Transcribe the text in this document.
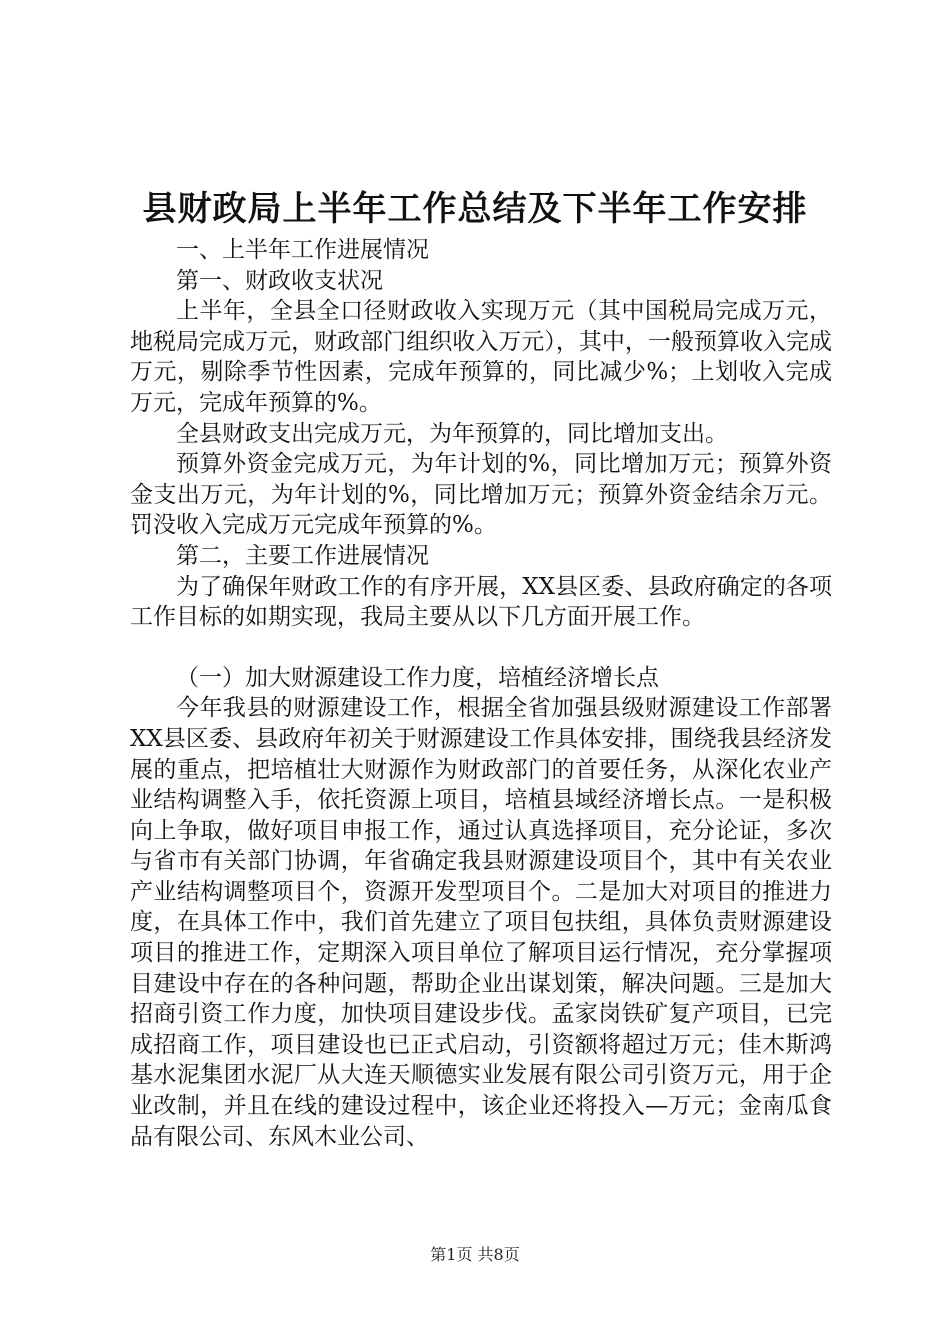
县财政局上半年工作总结及下半年工作安排

一、上半年工作进展情况

第一、财政收支状况

上半年，全县全口径财政收入实现万元（其中国税局完成万元，地税局完成万元，财政部门组织收入万元），其中，一般预算收入完成万元，剔除季节性因素，完成年预算的，同比减少%；上划收入完成万元，完成年预算的%。

全县财政支出完成万元，为年预算的，同比增加支出。

预算外资金完成万元，为年计划的%，同比增加万元；预算外资金支出万元，为年计划的%，同比增加万元；预算外资金结余万元。罚没收入完成万元完成年预算的%。

第二，主要工作进展情况

为了确保年财政工作的有序开展，XX县区委、县政府确定的各项工作目标的如期实现，我局主要从以下几方面开展工作。

（一）加大财源建设工作力度，培植经济增长点

今年我县的财源建设工作，根据全省加强县级财源建设工作部署XX县区委、县政府年初关于财源建设工作具体安排，围绕我县经济发展的重点，把培植壮大财源作为财政部门的首要任务，从深化农业产业结构调整入手，依托资源上项目，培植县域经济增长点。一是积极向上争取，做好项目申报工作，通过认真选择项目，充分论证，多次与省市有关部门协调，年省确定我县财源建设项目个，其中有关农业产业结构调整项目个，资源开发型项目个。二是加大对项目的推进力度，在具体工作中，我们首先建立了项目包扶组，具体负责财源建设项目的推进工作，定期深入项目单位了解项目运行情况，充分掌握项目建设中存在的各种问题，帮助企业出谋划策，解决问题。三是加大招商引资工作力度，加快项目建设步伐。孟家岗铁矿复产项目，已完成招商工作，项目建设也已正式启动，引资额将超过万元；佳木斯鸿基水泥集团水泥厂从大连天顺德实业发展有限公司引资万元，用于企业改制，并且在线的建设过程中，该企业还将投入—万元；金南瓜食品有限公司、东风木业公司、

第1页 共8页
